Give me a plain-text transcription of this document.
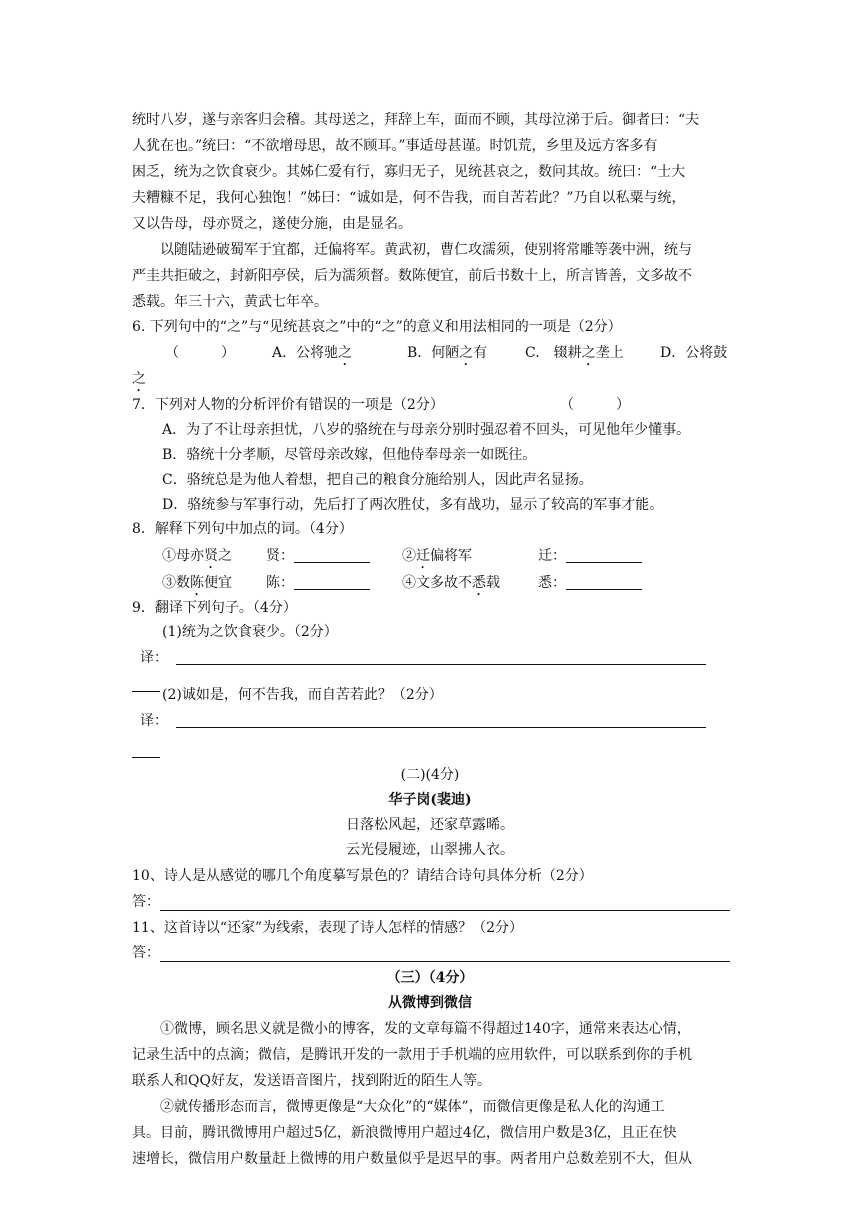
统时八岁，遂与亲客归会稽。其母送之，拜辞上车，面而不顾，其母泣涕于后。御者曰：“夫
人犹在也。”统曰：“不欲增母思，故不顾耳。”事适母甚谨。时饥荒，乡里及远方客多有
困乏，统为之饮食衰少。其姊仁爱有行，寡归无子，见统甚哀之，数问其故。统曰：“士大
夫糟糠不足，我何心独饱！”姊曰：“诚如是，何不告我，而自苦若此？”乃自以私粟与统，
又以告母，母亦贤之，遂使分施，由是显名。
以随陆逊破蜀军于宜都，迁偏将军。黄武初，曹仁攻濡须，使别将常雕等袭中洲，统与
严圭共拒破之，封新阳亭侯，后为濡须督。数陈便宜，前后书数十上，所言皆善，文多故不
悉载。年三十六，黄武七年卒。
6. 下列句中的“之”与“见统甚哀之”中的“之”的意义和用法相同的一项是（2分）
（　　　）	A．公将驰之	B．何陋之有	C.　辍耕之垄上	D．公将鼓
之
7．下列对人物的分析评价有错误的一项是（2分）	（　　　）
A．为了不让母亲担忧，八岁的骆统在与母亲分别时强忍着不回头，可见他年少懂事。
B．骆统十分孝顺，尽管母亲改嫁，但他侍奉母亲一如既往。
C．骆统总是为他人着想，把自己的粮食分施给别人，因此声名显扬。
D．骆统参与军事行动，先后打了两次胜仗，多有战功，显示了较高的军事才能。
8．解释下列句中加点的词。（4分）
①母亦贤之 贤：	②迁偏将军	迁：
③数陈便宜 陈：	④文多故不悉载	悉：
9．翻译下列句子。（4分）
(1)统为之饮食衰少。（2分）
译：
(2)诚如是，何不告我，而自苦若此？（2分）
译：
(二)(4分)
华子岗(裴迪)
日落松风起，还家草露晞。
云光侵履迹，山翠拂人衣。
10、诗人是从感觉的哪几个角度摹写景色的？请结合诗句具体分析（2分）
答：
11、这首诗以“还家”为线索，表现了诗人怎样的情感？（2分）
答：
（三）（4分）
从微博到微信
①微博，顾名思义就是微小的博客，发的文章每篇不得超过140字，通常来表达心情，
记录生活中的点滴；微信，是腾讯开发的一款用于手机端的应用软件，可以联系到你的手机
联系人和QQ好友，发送语音图片，找到附近的陌生人等。
②就传播形态而言，微博更像是“大众化”的“媒体”，而微信更像是私人化的沟通工
具。目前，腾讯微博用户超过5亿，新浪微博用户超过4亿，微信用户数是3亿，且正在快
速增长，微信用户数量赶上微博的用户数量似乎是迟早的事。两者用户总数差别不大，但从
